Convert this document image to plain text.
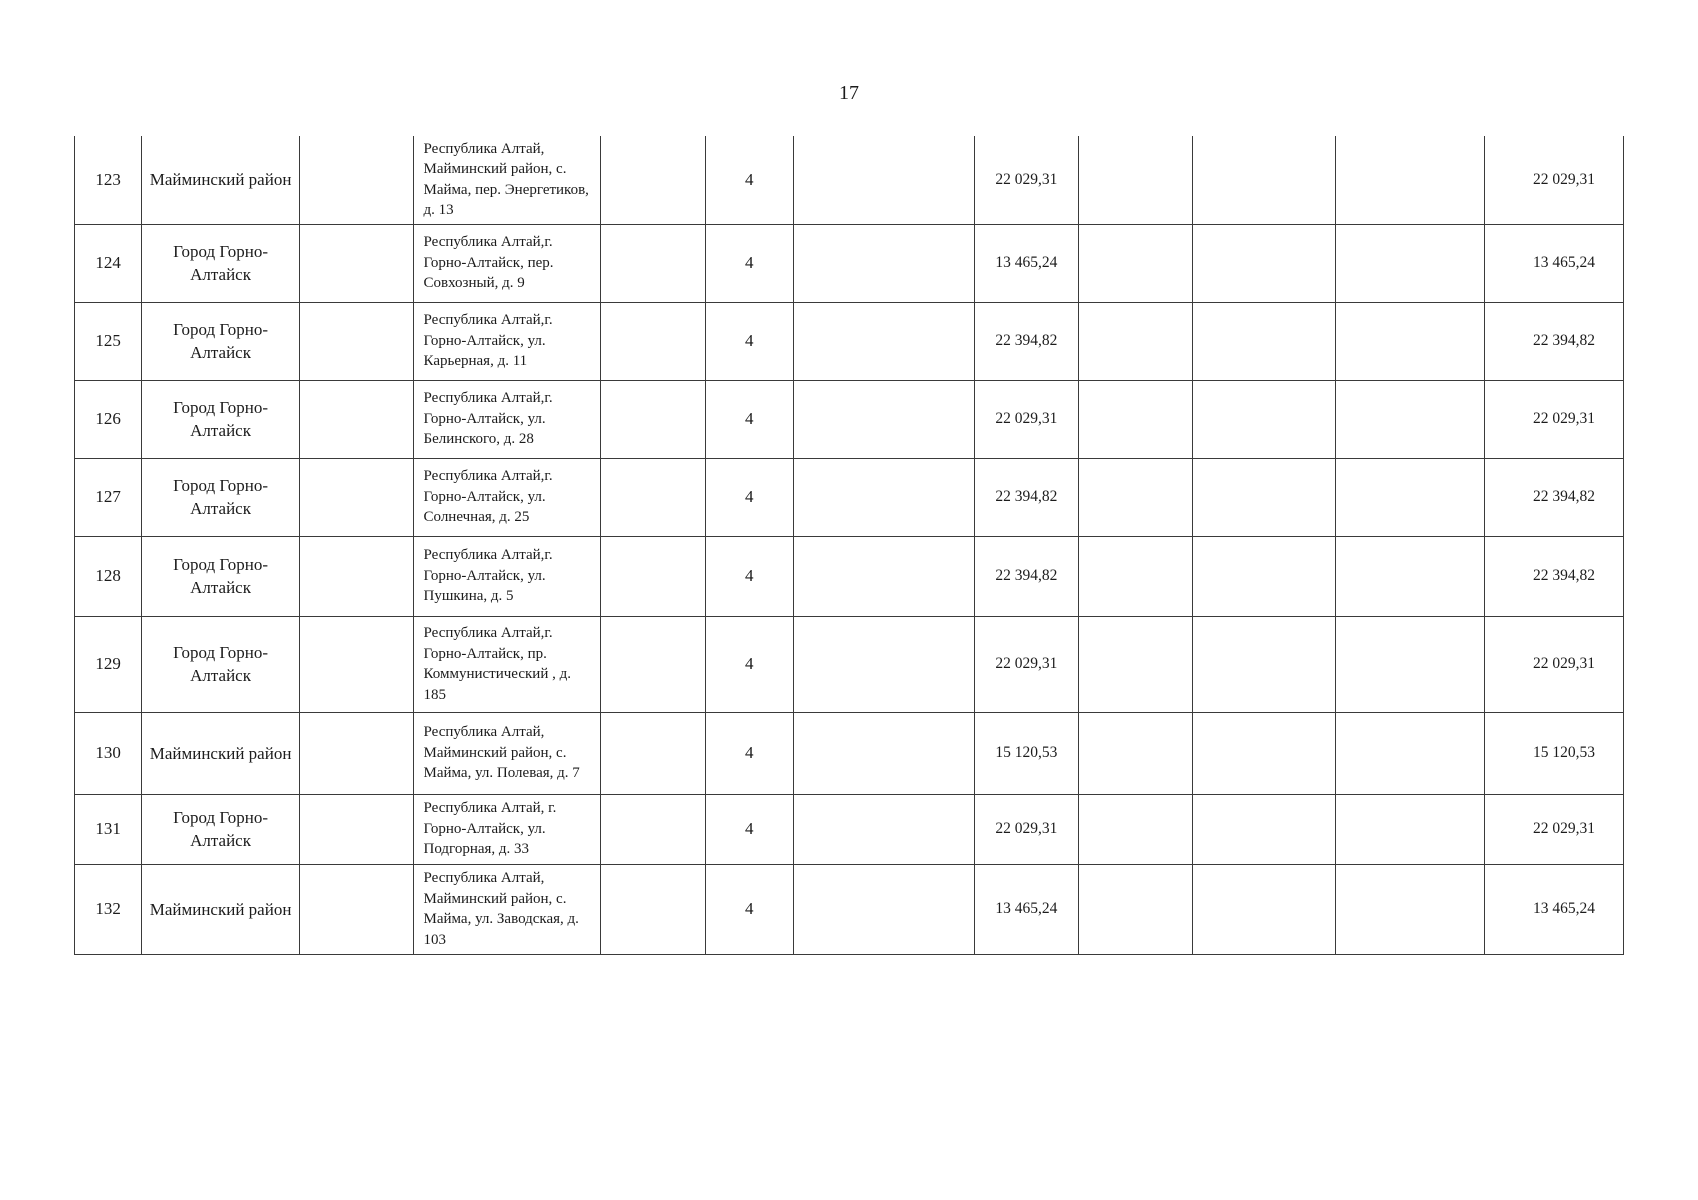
17
123	Майминский район		Республика Алтай, Майминский район, с. Майма, пер. Энергетиков, д. 13		4		22 029,31				22 029,31
124	Город Горно-Алтайск		Республика Алтай,г. Горно-Алтайск, пер. Совхозный, д. 9		4		13 465,24				13 465,24
125	Город Горно-Алтайск		Республика Алтай,г. Горно-Алтайск, ул. Карьерная, д. 11		4		22 394,82				22 394,82
126	Город Горно-Алтайск		Республика Алтай,г. Горно-Алтайск, ул. Белинского, д. 28		4		22 029,31				22 029,31
127	Город Горно-Алтайск		Республика Алтай,г. Горно-Алтайск, ул. Солнечная, д. 25		4		22 394,82				22 394,82
128	Город Горно-Алтайск		Республика Алтай,г. Горно-Алтайск, ул. Пушкина, д. 5		4		22 394,82				22 394,82
129	Город Горно-Алтайск		Республика Алтай,г. Горно-Алтайск, пр. Коммунистический , д. 185		4		22 029,31				22 029,31
130	Майминский район		Республика Алтай, Майминский район, с. Майма, ул. Полевая, д. 7		4		15 120,53				15 120,53
131	Город Горно-Алтайск		Республика Алтай, г. Горно-Алтайск, ул. Подгорная, д. 33		4		22 029,31				22 029,31
132	Майминский район		Республика Алтай, Майминский район, с. Майма, ул. Заводская, д. 103		4		13 465,24				13 465,24
